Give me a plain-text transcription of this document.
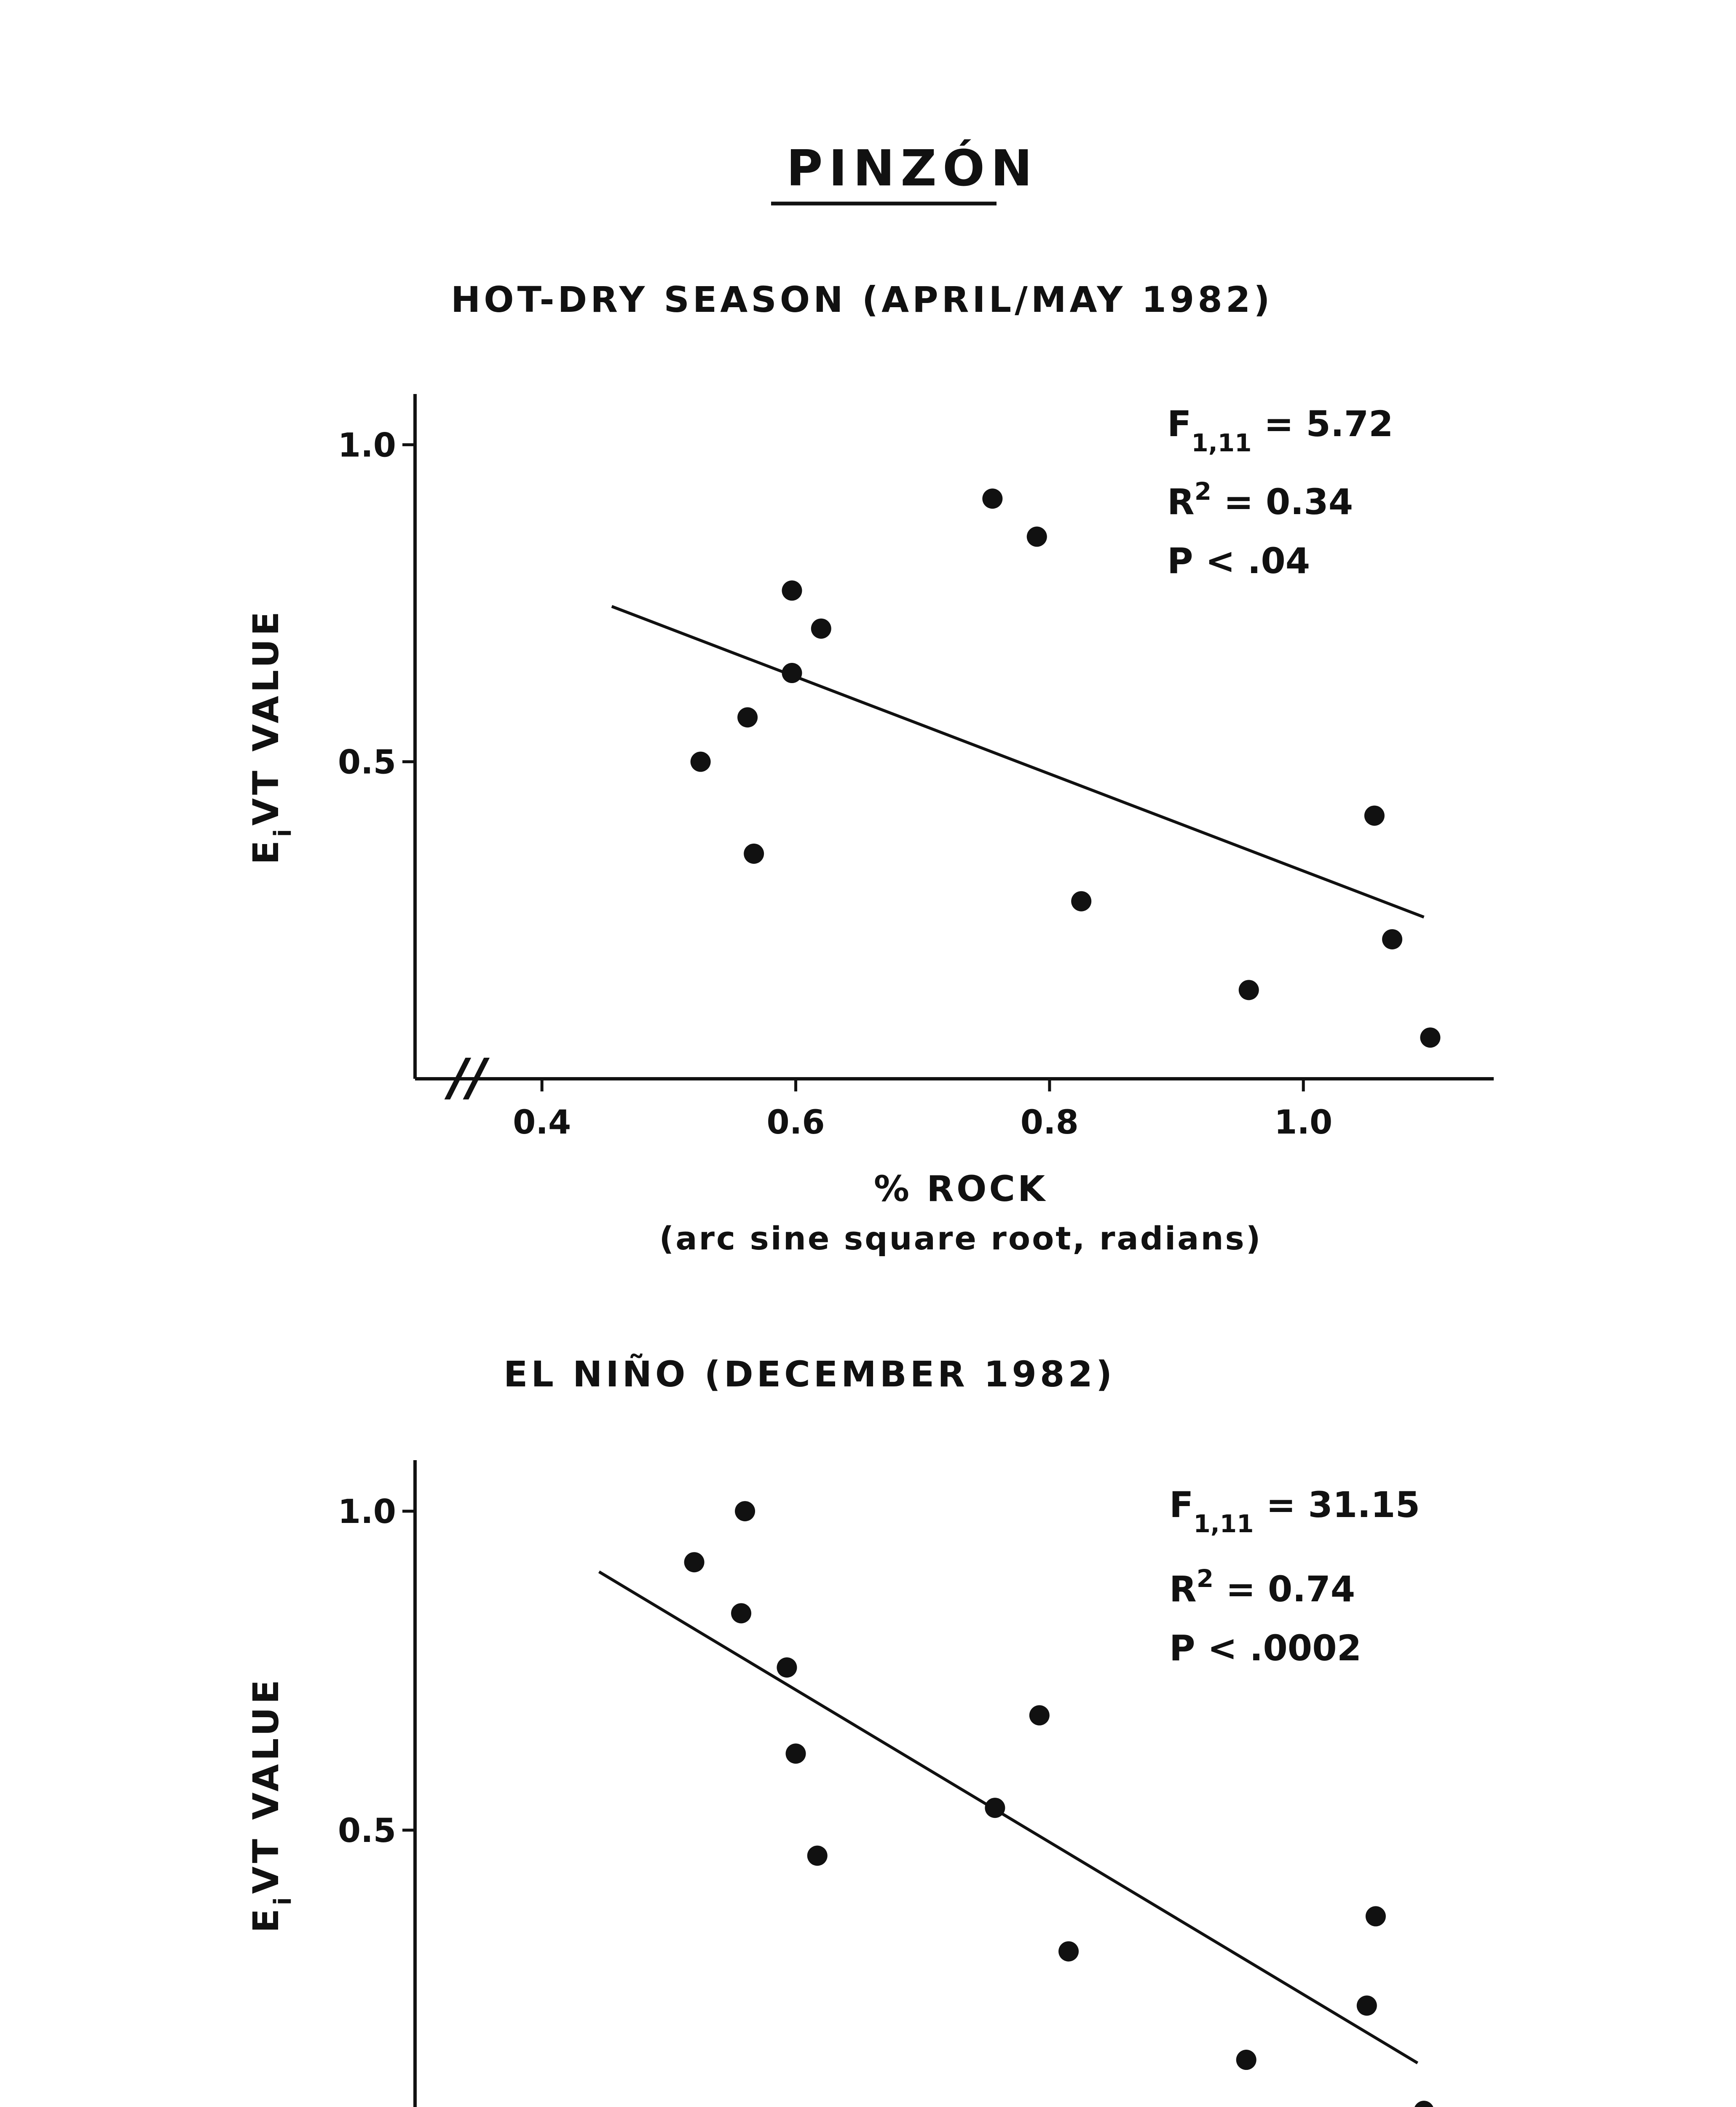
PINZÓN
HOT-DRY SEASON (APRIL/MAY 1982)
//
0.4	0.6	0.8	1.0
0.5
1.0
% ROCK
(arc sine square root, radians)
$E_iVT$ VALUE
$F_{1,11} = 5.72$
$R^2 = 0.34$
P < .04
EL NIÑO (DECEMBER 1982)
0.5
1.0
$E_iVT$ VALUE
$F_{1,11} = 31.15$
$R^2 = 0.74$
P < .0002
